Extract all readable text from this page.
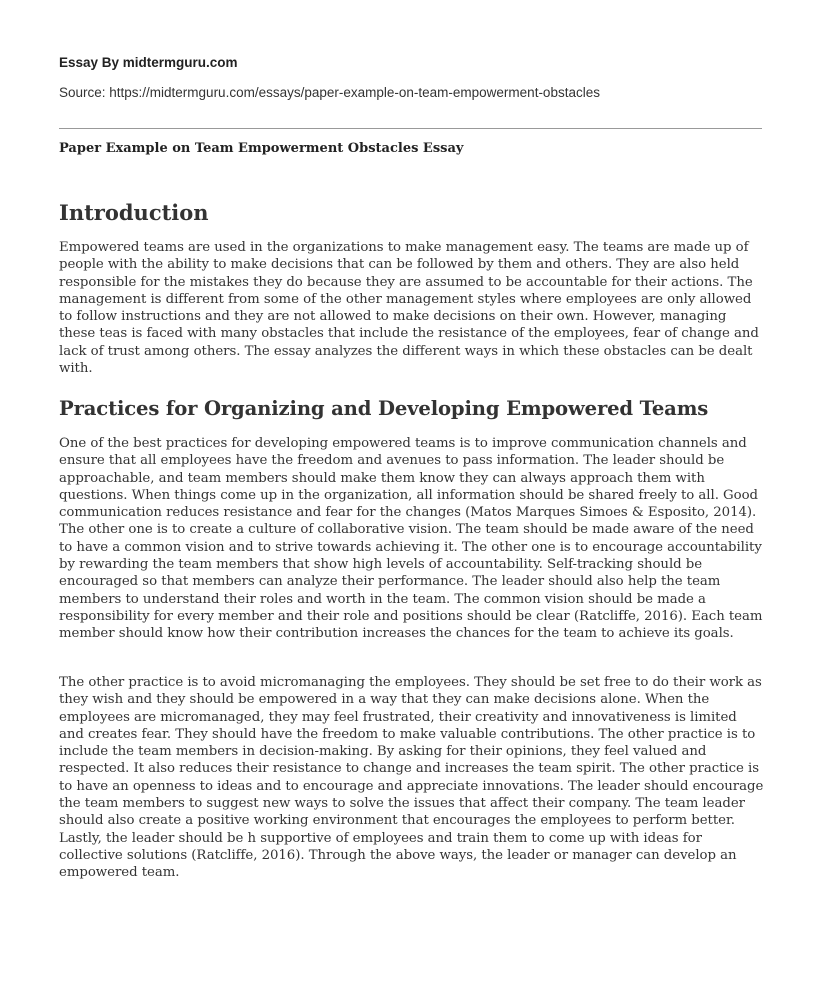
Essay By midtermguru.com
Source: https://midtermguru.com/essays/paper-example-on-team-empowerment-obstacles
Paper Example on Team Empowerment Obstacles Essay
Introduction

Empowered teams are used in the organizations to make management easy. The teams are made up of people with the ability to make decisions that can be followed by them and others. They are also held responsible for the mistakes they do because they are assumed to be accountable for their actions. The management is different from some of the other management styles where employees are only allowed to follow instructions and they are not allowed to make decisions on their own. However, managing these teas is faced with many obstacles that include the resistance of the employees, fear of change and lack of trust among others. The essay analyzes the different ways in which these obstacles can be dealt with.

Practices for Organizing and Developing Empowered Teams

One of the best practices for developing empowered teams is to improve communication channels and ensure that all employees have the freedom and avenues to pass information. The leader should be approachable, and team members should make them know they can always approach them with questions. When things come up in the organization, all information should be shared freely to all. Good communication reduces resistance and fear for the changes (Matos Marques Simoes & Esposito, 2014). The other one is to create a culture of collaborative vision. The team should be made aware of the need to have a common vision and to strive towards achieving it. The other one is to encourage accountability by rewarding the team members that show high levels of accountability. Self-tracking should be encouraged so that members can analyze their performance. The leader should also help the team members to understand their roles and worth in the team. The common vision should be made a responsibility for every member and their role and positions should be clear (Ratcliffe, 2016). Each team member should know how their contribution increases the chances for the team to achieve its goals.

The other practice is to avoid micromanaging the employees. They should be set free to do their work as they wish and they should be empowered in a way that they can make decisions alone. When the employees are micromanaged, they may feel frustrated, their creativity and innovativeness is limited and creates fear. They should have the freedom to make valuable contributions. The other practice is to include the team members in decision-making. By asking for their opinions, they feel valued and respected. It also reduces their resistance to change and increases the team spirit. The other practice is to have an openness to ideas and to encourage and appreciate innovations. The leader should encourage the team members to suggest new ways to solve the issues that affect their company. The team leader should also create a positive working environment that encourages the employees to perform better. Lastly, the leader should be h supportive of employees and train them to come up with ideas for collective solutions (Ratcliffe, 2016). Through the above ways, the leader or manager can develop an empowered team.
